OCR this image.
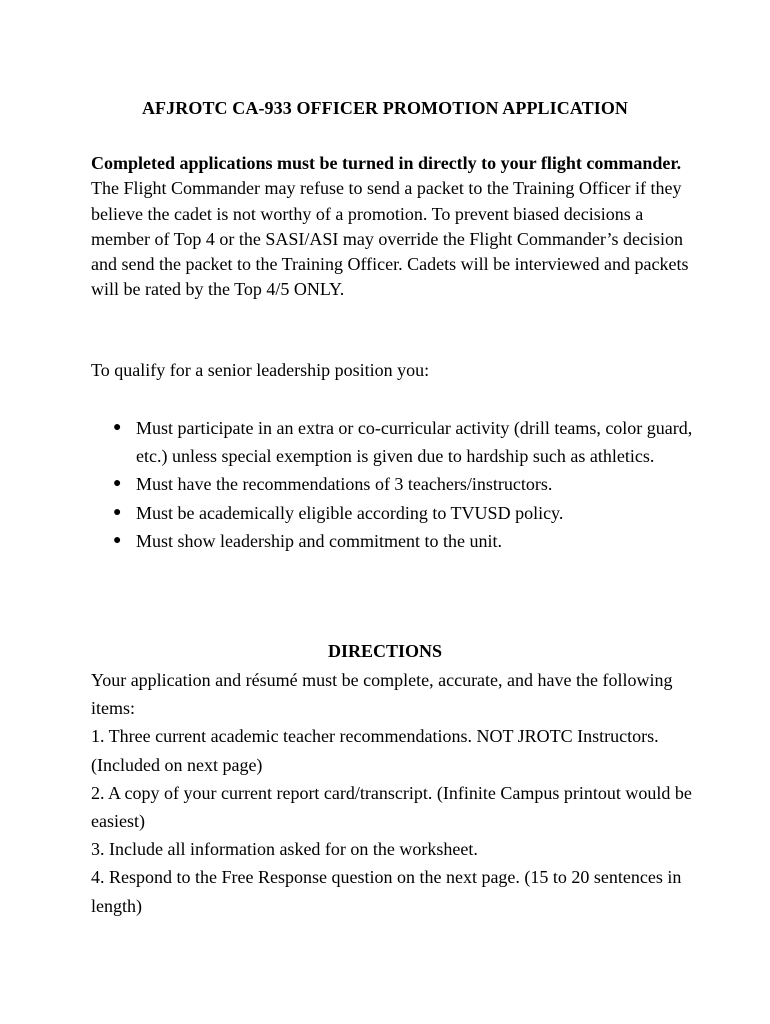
AFJROTC CA-933 OFFICER PROMOTION APPLICATION
Completed applications must be turned in directly to your flight commander. The Flight Commander may refuse to send a packet to the Training Officer if they believe the cadet is not worthy of a promotion. To prevent biased decisions a member of Top 4 or the SASI/ASI may override the Flight Commander’s decision and send the packet to the Training Officer. Cadets will be interviewed and packets will be rated by the Top 4/5 ONLY.
To qualify for a senior leadership position you:
● Must participate in an extra or co-curricular activity (drill teams, color guard, etc.) unless special exemption is given due to hardship such as athletics.
● Must have the recommendations of 3 teachers/instructors.
● Must be academically eligible according to TVUSD policy.
● Must show leadership and commitment to the unit.
DIRECTIONS

Your application and résumé must be complete, accurate, and have the following items:

1. Three current academic teacher recommendations. NOT JROTC Instructors. (Included on next page)

2. A copy of your current report card/transcript. (Infinite Campus printout would be easiest)

3. Include all information asked for on the worksheet.

4. Respond to the Free Response question on the next page. (15 to 20 sentences in length)
